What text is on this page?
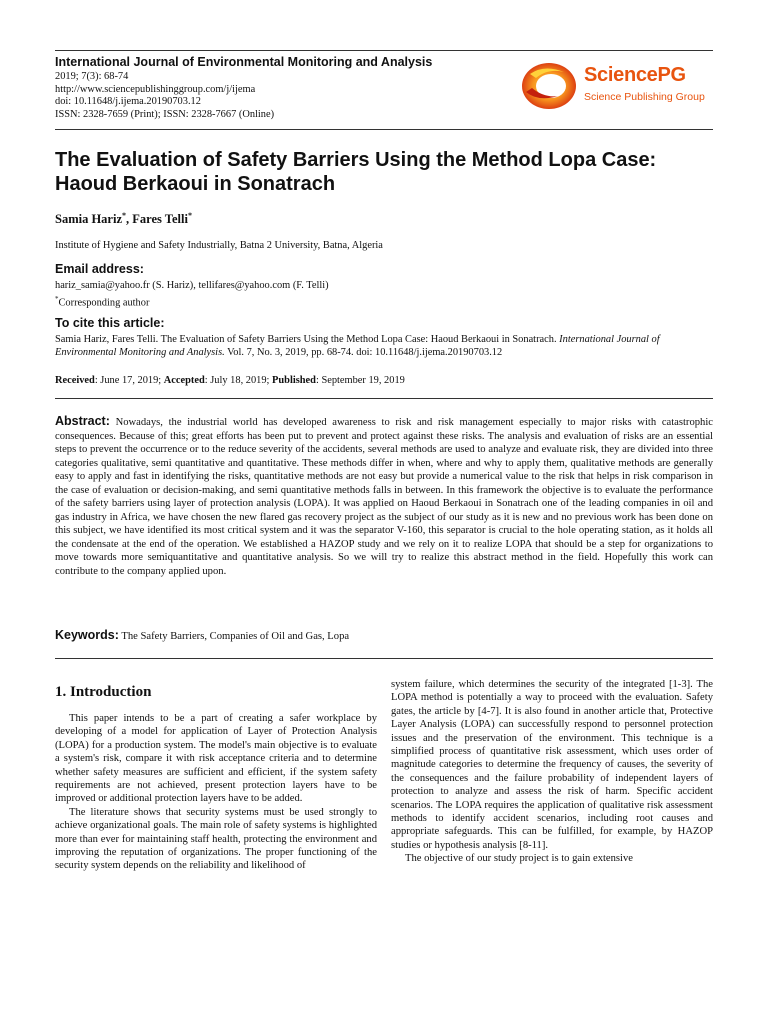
International Journal of Environmental Monitoring and Analysis
2019; 7(3): 68-74
http://www.sciencepublishinggroup.com/j/ijema
doi: 10.11648/j.ijema.20190703.12
ISSN: 2328-7659 (Print); ISSN: 2328-7667 (Online)
SciencePG
Science Publishing Group
The Evaluation of Safety Barriers Using the Method Lopa Case: Haoud Berkaoui in Sonatrach
Samia Hariz*, Fares Telli*
Institute of Hygiene and Safety Industrially, Batna 2 University, Batna, Algeria
Email address:
hariz_samia@yahoo.fr (S. Hariz), tellifares@yahoo.com (F. Telli)
*Corresponding author
To cite this article:
Samia Hariz, Fares Telli. The Evaluation of Safety Barriers Using the Method Lopa Case: Haoud Berkaoui in Sonatrach. International Journal of Environmental Monitoring and Analysis. Vol. 7, No. 3, 2019, pp. 68-74. doi: 10.11648/j.ijema.20190703.12
Received: June 17, 2019; Accepted: July 18, 2019; Published: September 19, 2019
Abstract: Nowadays, the industrial world has developed awareness to risk and risk management especially to major risks with catastrophic consequences. Because of this; great efforts has been put to prevent and protect against these risks. The analysis and evaluation of risks are an essential steps to prevent the occurrence or to the reduce severity of the accidents, several methods are used to analyze and evaluate risk, they are divided into three categories qualitative, semi quantitative and quantitative. These methods differ in when, where and why to apply them, qualitative methods are generally easy to apply and fast in identifying the risks, quantitative methods are not easy but provide a numerical value to the risk that helps in risk comparison in the case of evaluation or decision-making, and semi quantitative methods falls in between. In this framework the objective is to evaluate the performance of the safety barriers using layer of protection analysis (LOPA). It was applied on Haoud Berkaoui in Sonatrach one of the leading companies in oil and gas industry in Africa, we have chosen the new flared gas recovery project as the subject of our study as it is new and no previous work has been done on this subject, we have identified its most critical system and it was the separator V-160, this separator is crucial to the hole operating station, as it holds all the condensate at the end of the operation. We established a HAZOP study and we rely on it to realize LOPA that should be a step for organizations to move towards more semiquantitative and quantitative analysis. So we will try to realize this abstract method in the field. Hopefully this work can contribute to the company applied upon.
Keywords: The Safety Barriers, Companies of Oil and Gas, Lopa
1. Introduction

This paper intends to be a part of creating a safer workplace by developing of a model for application of Layer of Protection Analysis (LOPA) for a production system. The model's main objective is to evaluate a system's risk, compare it with risk acceptance criteria and to determine whether safety measures are sufficient and efficient, if the system safety requirements are not achieved, present protection layers have to be improved or additional protection layers have to be added.

The literature shows that security systems must be used strongly to achieve organizational goals. The main role of safety systems is highlighted more than ever for maintaining staff health, protecting the environment and improving the reputation of organizations. The proper functioning of the security system depends on the reliability and likelihood of

system failure, which determines the security of the integrated [1-3]. The LOPA method is potentially a way to proceed with the evaluation. Safety gates, the article by [4-7]. It is also found in another article that, Protective Layer Analysis (LOPA) can successfully respond to personnel protection issues and the preservation of the environment. This technique is a simplified process of quantitative risk assessment, which uses order of magnitude categories to determine the frequency of causes, the severity of the consequences and the failure probability of independent layers of protection to analyze and assess the risk of harm. Specific accident scenarios. The LOPA requires the application of qualitative risk assessment methods to identify accident scenarios, including root causes and appropriate safeguards. This can be fulfilled, for example, by HAZOP studies or hypothesis analysis [8-11].

The objective of our study project is to gain extensive
